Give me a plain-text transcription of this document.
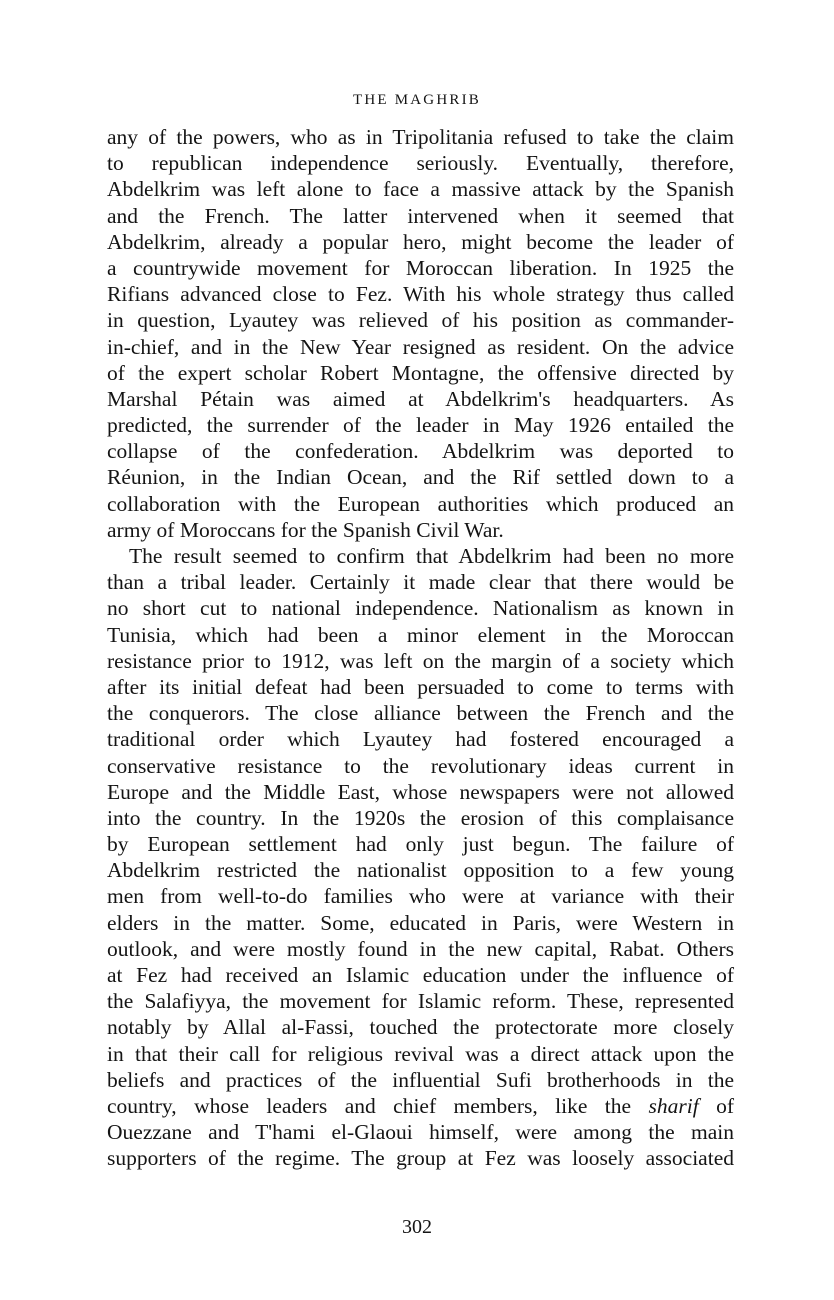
THE MAGHRIB
any of the powers, who as in Tripolitania refused to take the claim
to republican independence seriously. Eventually, therefore,
Abdelkrim was left alone to face a massive attack by the Spanish
and the French. The latter intervened when it seemed that
Abdelkrim, already a popular hero, might become the leader of
a countrywide movement for Moroccan liberation. In 1925 the
Rifians advanced close to Fez. With his whole strategy thus called
in question, Lyautey was relieved of his position as commander-
in-chief, and in the New Year resigned as resident. On the advice
of the expert scholar Robert Montagne, the offensive directed by
Marshal Pétain was aimed at Abdelkrim's headquarters. As
predicted, the surrender of the leader in May 1926 entailed the
collapse of the confederation. Abdelkrim was deported to
Réunion, in the Indian Ocean, and the Rif settled down to a
collaboration with the European authorities which produced an
army of Moroccans for the Spanish Civil War.
The result seemed to confirm that Abdelkrim had been no more
than a tribal leader. Certainly it made clear that there would be
no short cut to national independence. Nationalism as known in
Tunisia, which had been a minor element in the Moroccan
resistance prior to 1912, was left on the margin of a society which
after its initial defeat had been persuaded to come to terms with
the conquerors. The close alliance between the French and the
traditional order which Lyautey had fostered encouraged a
conservative resistance to the revolutionary ideas current in
Europe and the Middle East, whose newspapers were not allowed
into the country. In the 1920s the erosion of this complaisance
by European settlement had only just begun. The failure of
Abdelkrim restricted the nationalist opposition to a few young
men from well-to-do families who were at variance with their
elders in the matter. Some, educated in Paris, were Western in
outlook, and were mostly found in the new capital, Rabat. Others
at Fez had received an Islamic education under the influence of
the Salafiyya, the movement for Islamic reform. These, represented
notably by Allal al-Fassi, touched the protectorate more closely
in that their call for religious revival was a direct attack upon the
beliefs and practices of the influential Sufi brotherhoods in the
country, whose leaders and chief members, like the sharif of
Ouezzane and T'hami el-Glaoui himself, were among the main
supporters of the regime. The group at Fez was loosely associated
302
